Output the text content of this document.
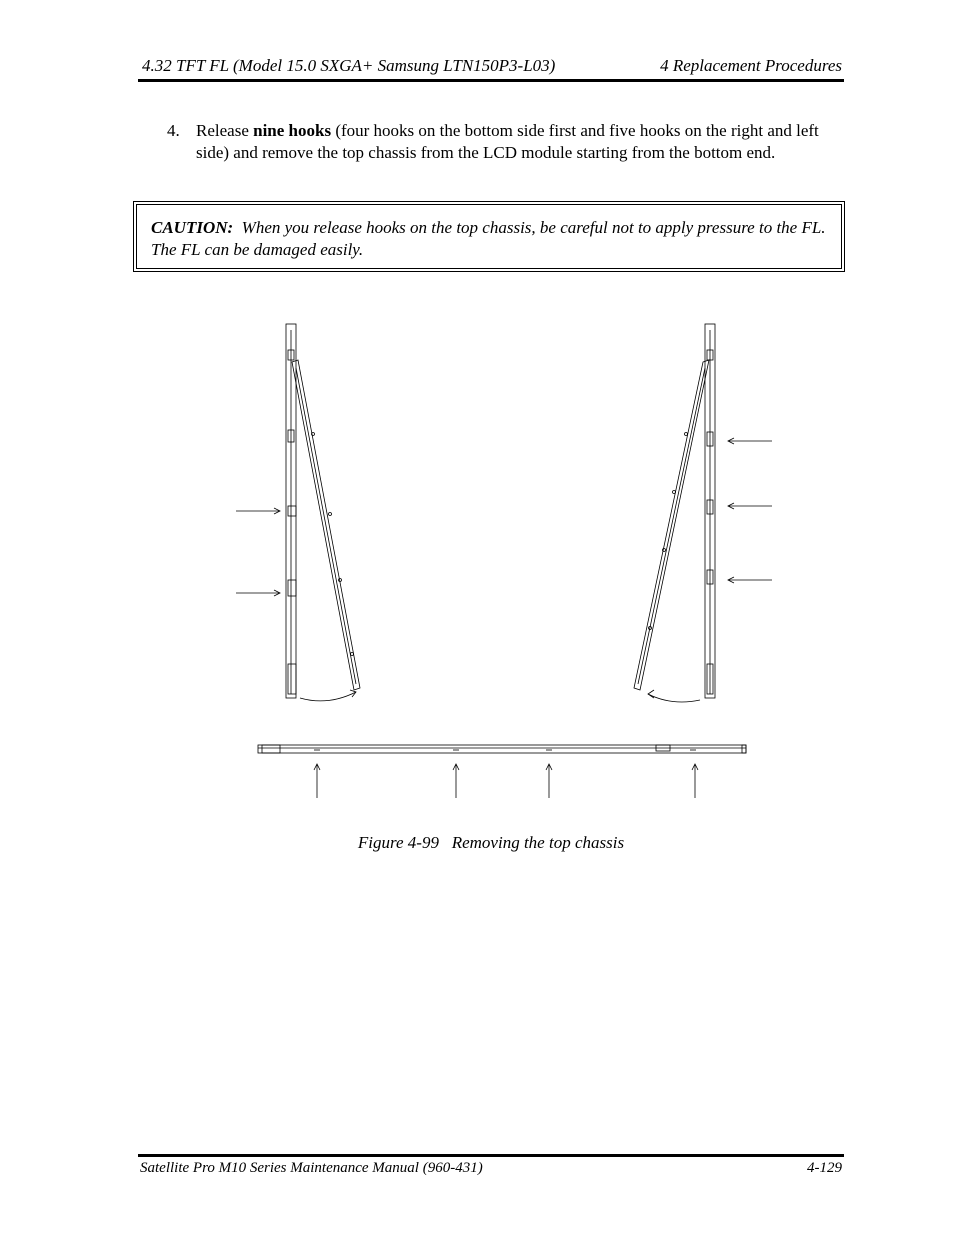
4.32 TFT FL (Model 15.0 SXGA+ Samsung LTN150P3-L03)	4 Replacement Procedures
4. Release nine hooks (four hooks on the bottom side first and five hooks on the right and left side) and remove the top chassis from the LCD module starting from the bottom end.
CAUTION: When you release hooks on the top chassis, be careful not to apply pressure to the FL. The FL can be damaged easily.
Figure 4-99   Removing the top chassis
Satellite Pro M10 Series Maintenance Manual (960-431)	4-129
